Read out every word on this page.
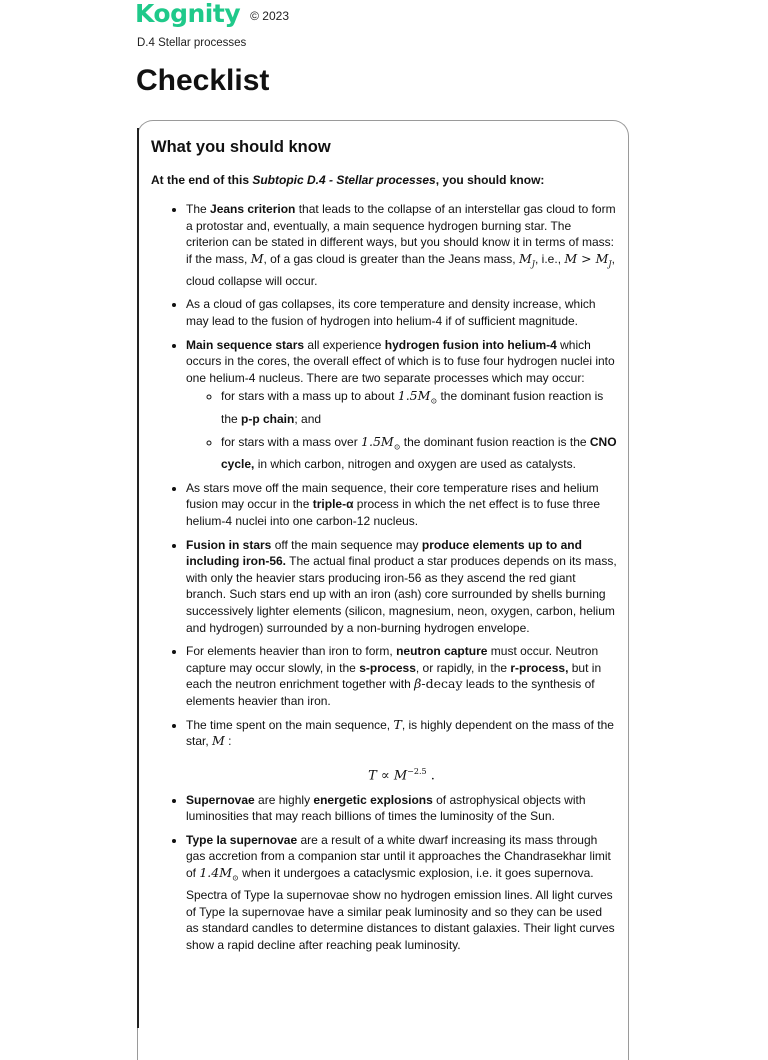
Kognity © 2023
D.4 Stellar processes
Checklist
What you should know

At the end of this Subtopic D.4 - Stellar processes, you should know:

• The Jeans criterion that leads to the collapse of an interstellar gas cloud to form a protostar and, eventually, a main sequence hydrogen burning star. The criterion can be stated in different ways, but you should know it in terms of mass: if the mass, M, of a gas cloud is greater than the Jeans mass, $M_J$, i.e., $M > M_J$, cloud collapse will occur.
• As a cloud of gas collapses, its core temperature and density increase, which may lead to the fusion of hydrogen into helium-4 if of sufficient magnitude.
• Main sequence stars all experience hydrogen fusion into helium-4 which occurs in the cores, the overall effect of which is to fuse four hydrogen nuclei into one helium-4 nucleus. There are two separate processes which may occur:
◦ for stars with a mass up to about $1.5M_⊙$ the dominant fusion reaction is the p-p chain; and
◦ for stars with a mass over $1.5M_⊙$ the dominant fusion reaction is the CNO cycle, in which carbon, nitrogen and oxygen are used as catalysts.
• As stars move off the main sequence, their core temperature rises and helium fusion may occur in the triple-α process in which the net effect is to fuse three helium-4 nuclei into one carbon-12 nucleus.
• Fusion in stars off the main sequence may produce elements up to and including iron-56. The actual final product a star produces depends on its mass, with only the heavier stars producing iron-56 as they ascend the red giant branch. Such stars end up with an iron (ash) core surrounded by shells burning successively lighter elements (silicon, magnesium, neon, oxygen, carbon, helium and hydrogen) surrounded by a non-burning hydrogen envelope.
• For elements heavier than iron to form, neutron capture must occur. Neutron capture may occur slowly, in the s-process, or rapidly, in the r-process, but in each the neutron enrichment together with β-decay leads to the synthesis of elements heavier than iron.
• The time spent on the main sequence, T, is highly dependent on the mass of the star, M :
$T \propto M^{-2.5}$ .
• Supernovae are highly energetic explosions of astrophysical objects with luminosities that may reach billions of times the luminosity of the Sun.
• Type Ia supernovae are a result of a white dwarf increasing its mass through gas accretion from a companion star until it approaches the Chandrasekhar limit of $1.4M_⊙$ when it undergoes a cataclysmic explosion, i.e. it goes supernova. Spectra of Type Ia supernovae show no hydrogen emission lines. All light curves of Type Ia supernovae have a similar peak luminosity and so they can be used as standard candles to determine distances to distant galaxies. Their light curves show a rapid decline after reaching peak luminosity.
